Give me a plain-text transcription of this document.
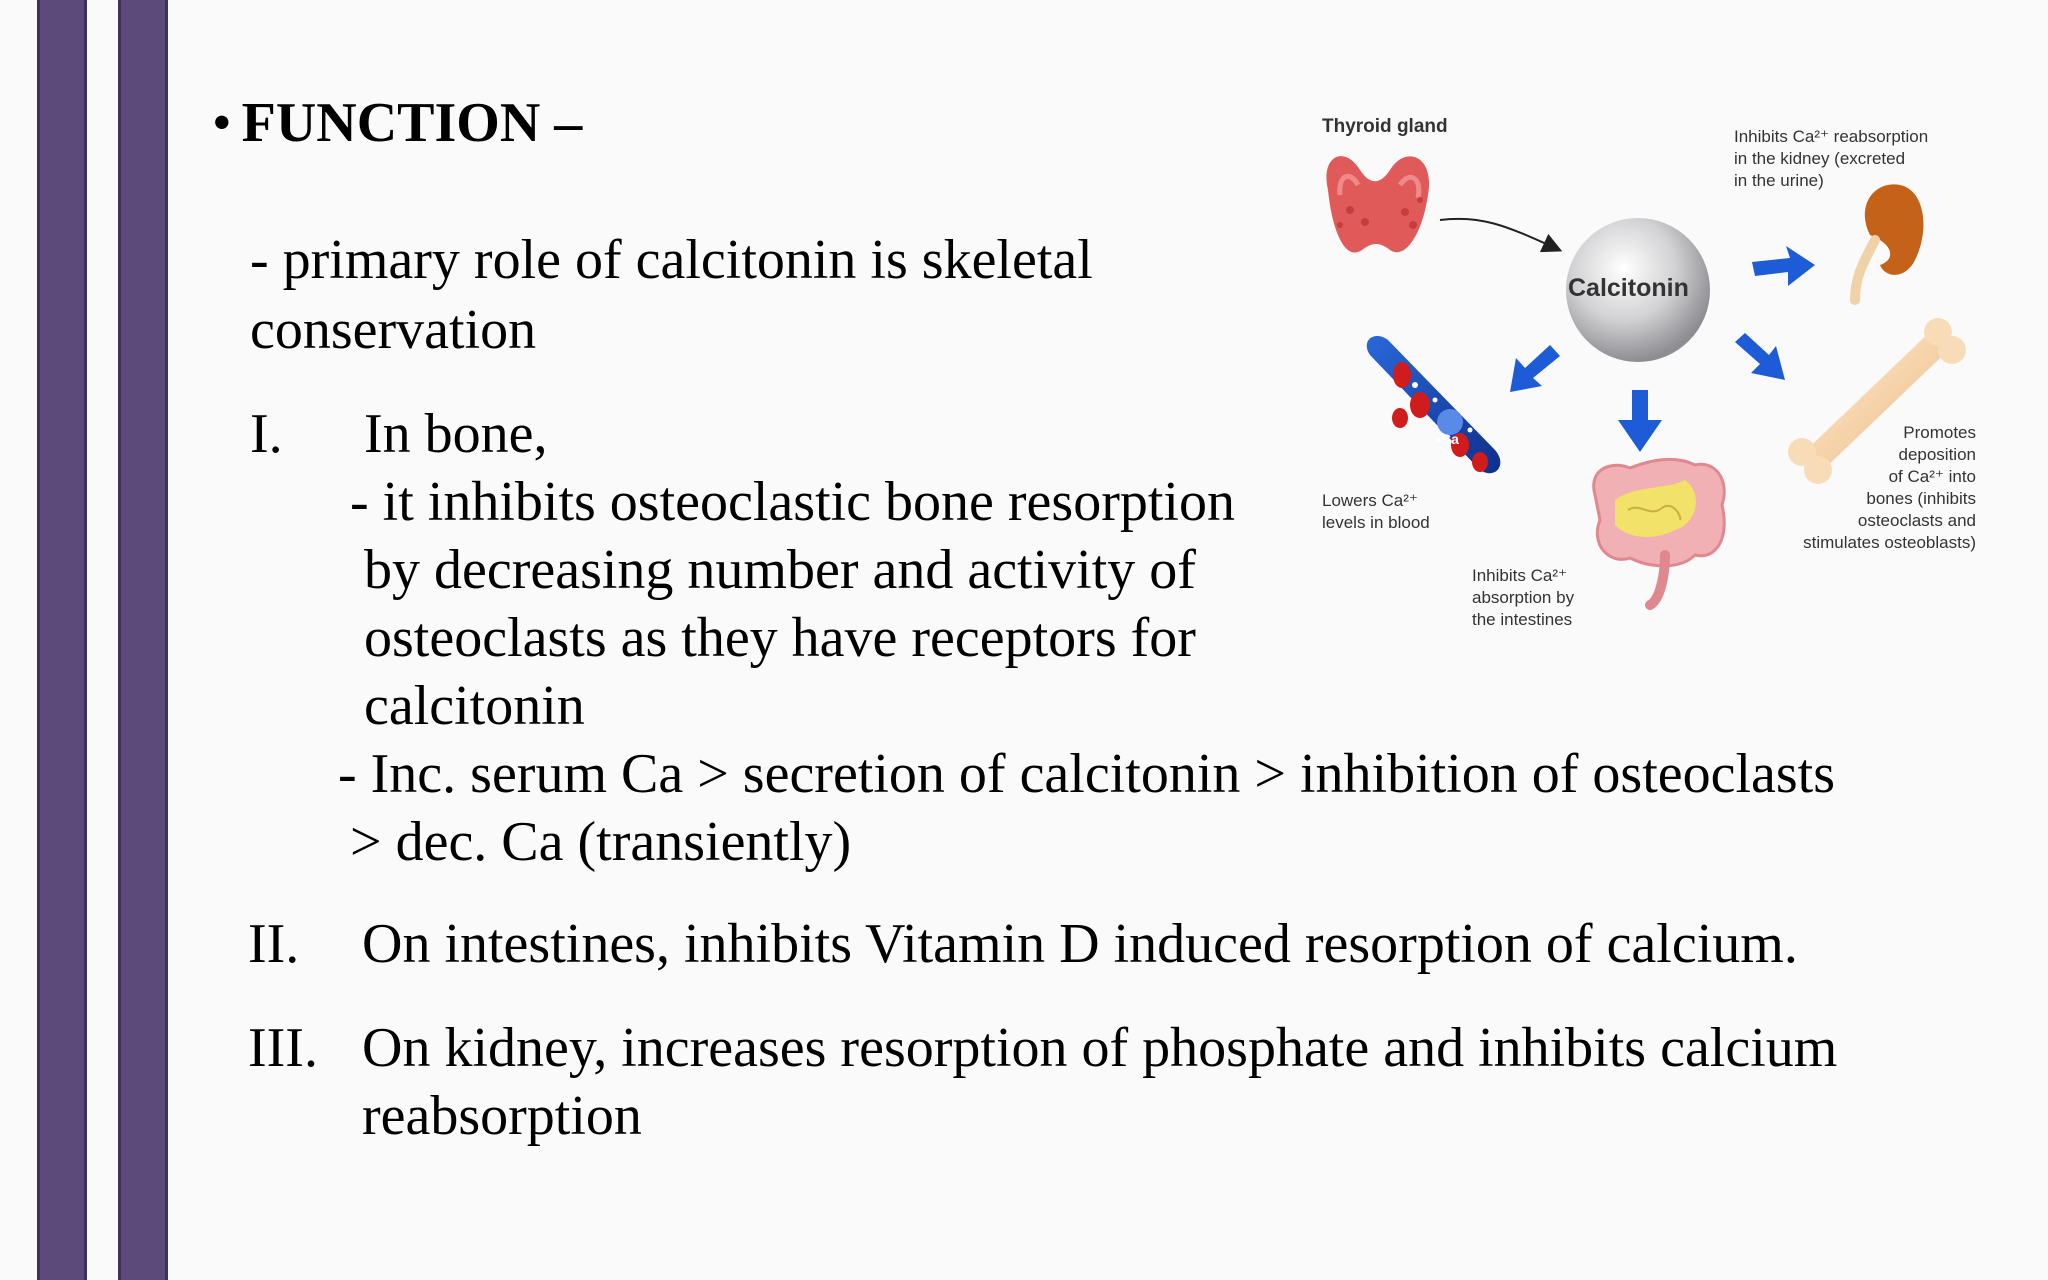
• FUNCTION –
- primary role of calcitonin is skeletal
conservation
I. In bone,
- it inhibits osteoclastic bone resorption
by decreasing number and activity of
osteoclasts as they have receptors for
calcitonin
- Inc. serum Ca > secretion of calcitonin > inhibition of osteoclasts
> dec. Ca (transiently)
II. On intestines, inhibits Vitamin D induced resorption of calcium.
III. On kidney, increases resorption of phosphate and inhibits calcium
reabsorption
Thyroid gland
Calcitonin
Inhibits Ca²⁺ reabsorption
in the kidney (excreted
in the urine)
Lowers Ca²⁺
levels in blood
Inhibits Ca²⁺
absorption by
the intestines
Promotes
deposition
of Ca²⁺ into
bones (inhibits
osteoclasts and
stimulates osteoblasts)
Ca
